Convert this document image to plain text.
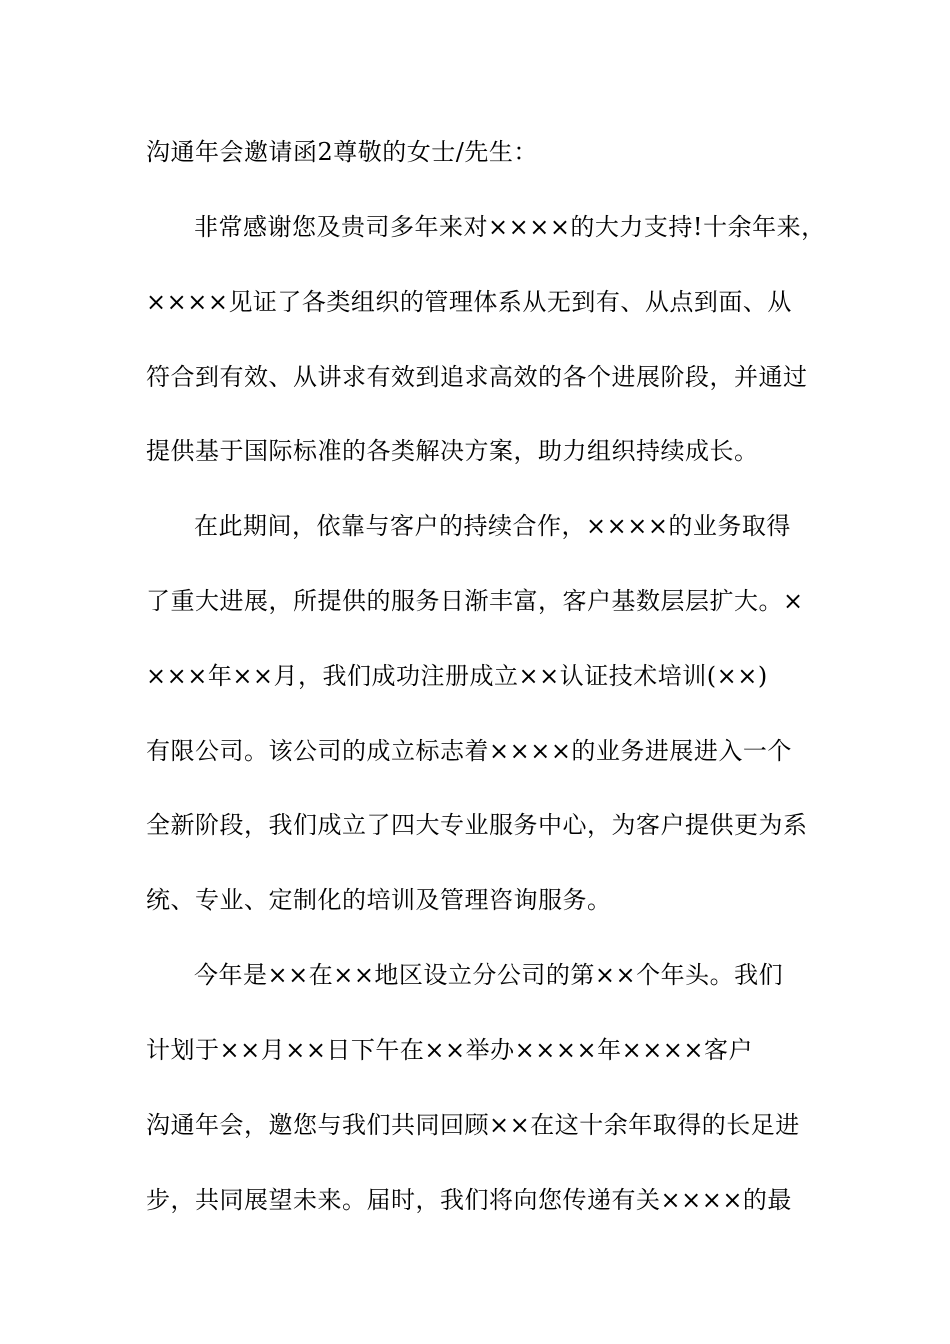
沟通年会邀请函2尊敬的女士/先生：
非常感谢您及贵司多年来对××××的大力支持!十余年来，
××××见证了各类组织的管理体系从无到有、从点到面、从
符合到有效、从讲求有效到追求高效的各个进展阶段，并通过
提供基于国际标准的各类解决方案，助力组织持续成长。
在此期间，依靠与客户的持续合作，××××的业务取得
了重大进展，所提供的服务日渐丰富，客户基数层层扩大。×
×××年××月，我们成功注册成立××认证技术培训(××)
有限公司。该公司的成立标志着××××的业务进展进入一个
全新阶段，我们成立了四大专业服务中心，为客户提供更为系
统、专业、定制化的培训及管理咨询服务。
今年是××在××地区设立分公司的第××个年头。我们
计划于××月××日下午在××举办××××年××××客户
沟通年会，邀您与我们共同回顾××在这十余年取得的长足进
步，共同展望未来。届时，我们将向您传递有关××××的最
